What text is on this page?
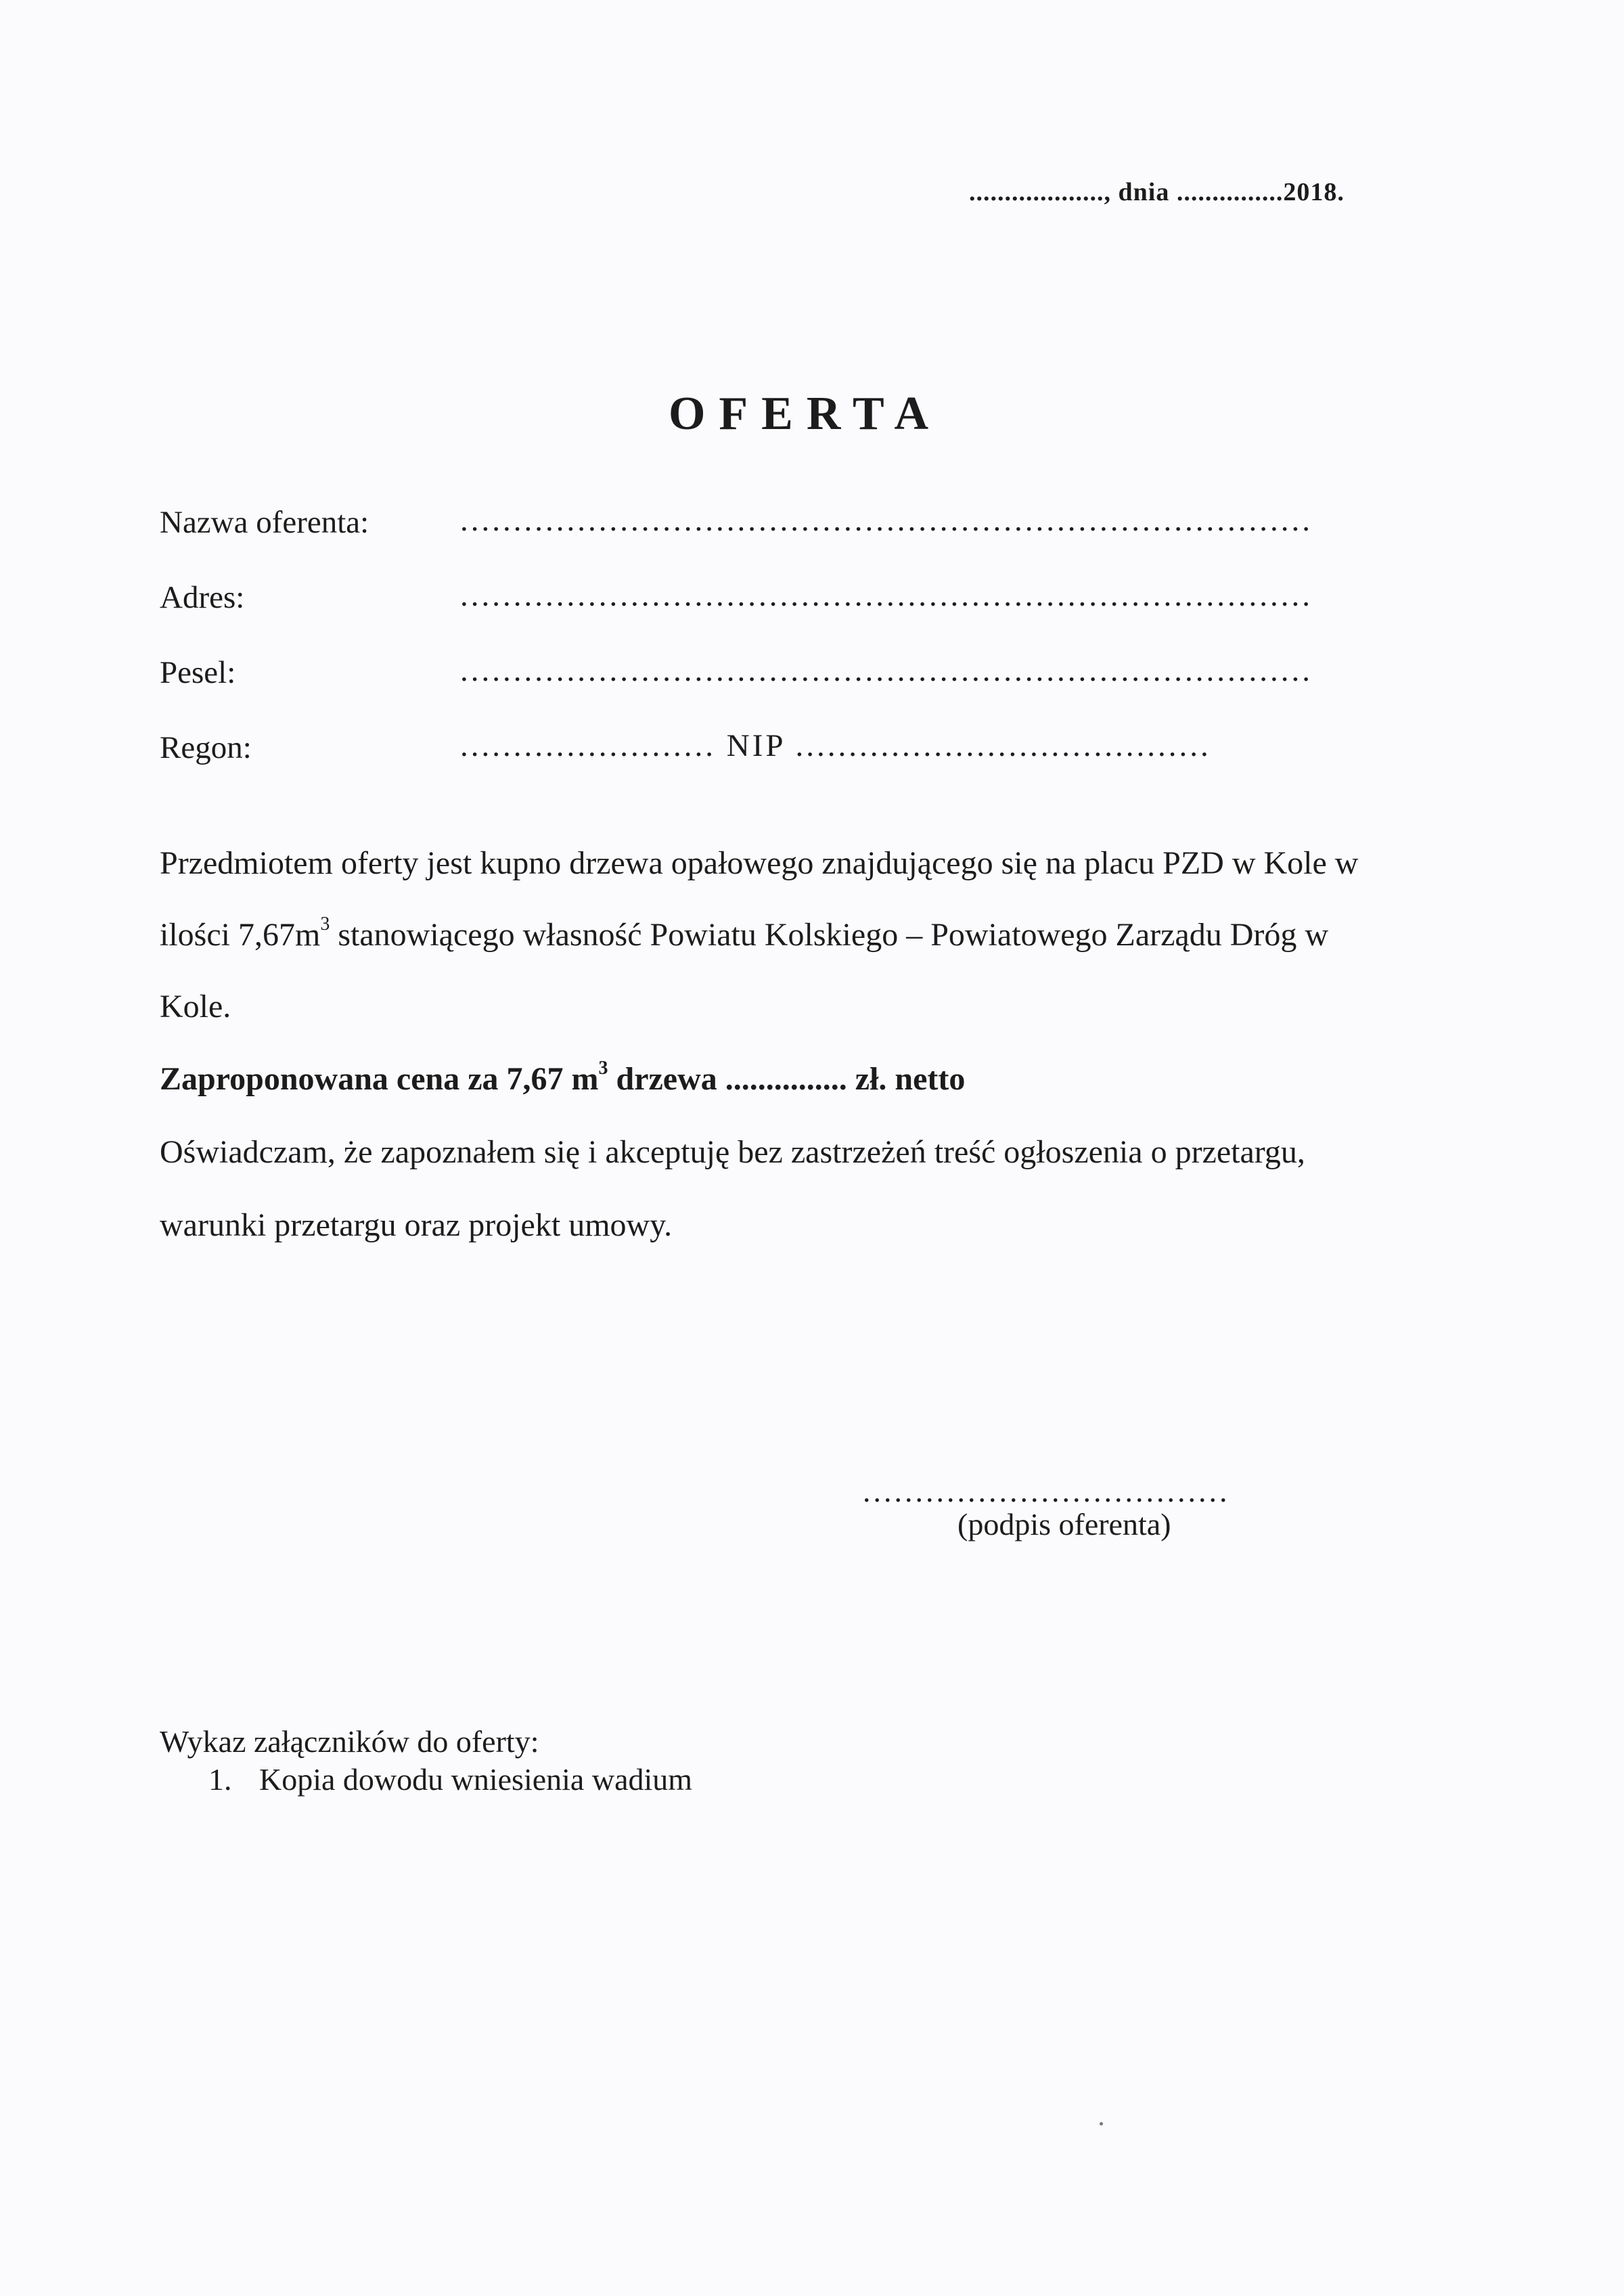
..................., dnia ...............2018.
OFERTA
Nazwa oferenta:	................................................................................
Adres:	................................................................................
Pesel:	................................................................................
Regon:	........................ NIP .......................................
Przedmiotem oferty jest kupno drzewa opałowego znajdującego się na placu PZD w Kole w
ilości $7,67m^3$ stanowiącego własność Powiatu Kolskiego – Powiatowego Zarządu Dróg w
Kole.
Zaproponowana cena za 7,67 $m^3$ drzewa ............... zł. netto
Oświadczam, że zapoznałem się i akceptuję bez zastrzeżeń treść ogłoszenia o przetargu,
warunki przetargu oraz projekt umowy.
...................................
(podpis oferenta)
Wykaz załączników do oferty:
1. Kopia dowodu wniesienia wadium
